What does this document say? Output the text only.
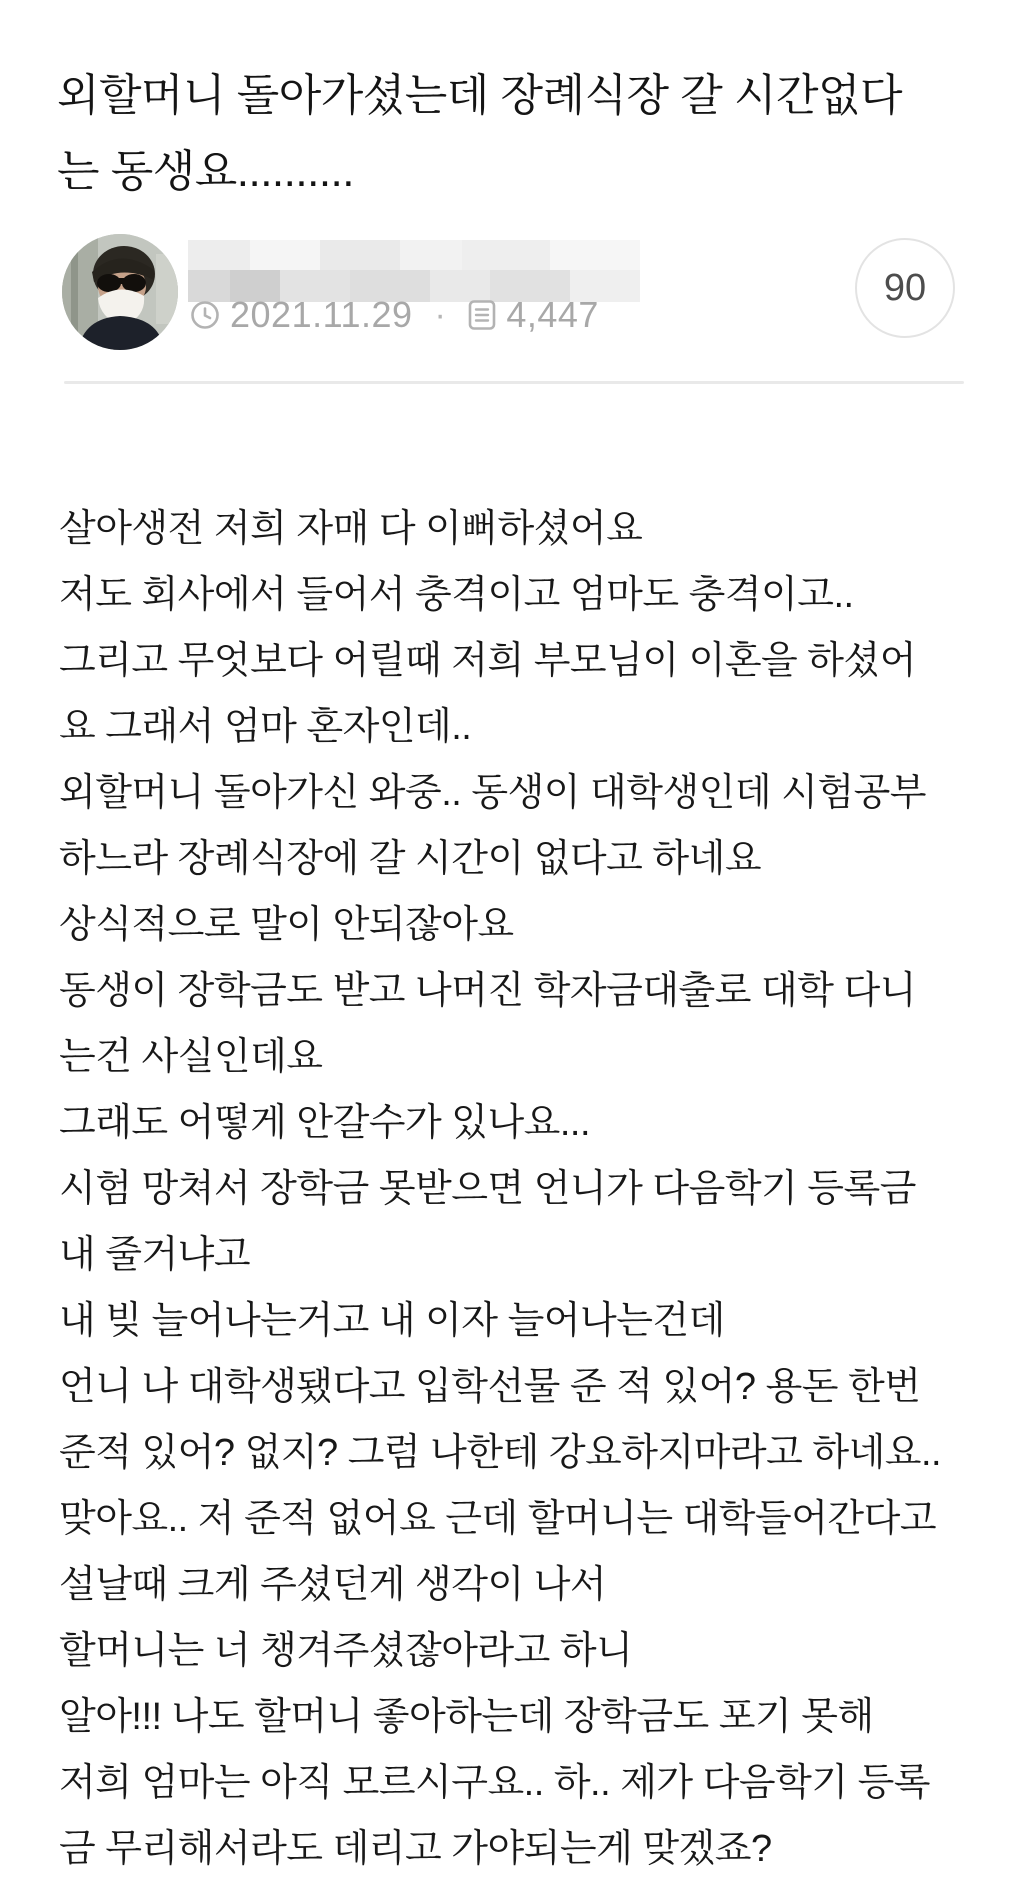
외할머니 돌아가셨는데 장례식장 갈 시간없다
는 동생요..........
2021.11.29 · 4,447
90
살아생전 저희 자매 다 이뻐하셨어요
저도 회사에서 들어서 충격이고 엄마도 충격이고..
그리고 무엇보다 어릴때 저희 부모님이 이혼을 하셨어
요 그래서 엄마 혼자인데..
외할머니 돌아가신 와중.. 동생이 대학생인데 시험공부
하느라 장례식장에 갈 시간이 없다고 하네요
상식적으로 말이 안되잖아요
동생이 장학금도 받고 나머진 학자금대출로 대학 다니
는건 사실인데요
그래도 어떻게 안갈수가 있나요...
시험 망쳐서 장학금 못받으면 언니가 다음학기 등록금
내 줄거냐고
내 빚 늘어나는거고 내 이자 늘어나는건데
언니 나 대학생됐다고 입학선물 준 적 있어? 용돈 한번
준적 있어? 없지? 그럼 나한테 강요하지마라고 하네요..
맞아요.. 저 준적 없어요 근데 할머니는 대학들어간다고
설날때 크게 주셨던게 생각이 나서
할머니는 너 챙겨주셨잖아라고 하니
알아!!! 나도 할머니 좋아하는데 장학금도 포기 못해
저희 엄마는 아직 모르시구요.. 하.. 제가 다음학기 등록
금 무리해서라도 데리고 가야되는게 맞겠죠?
